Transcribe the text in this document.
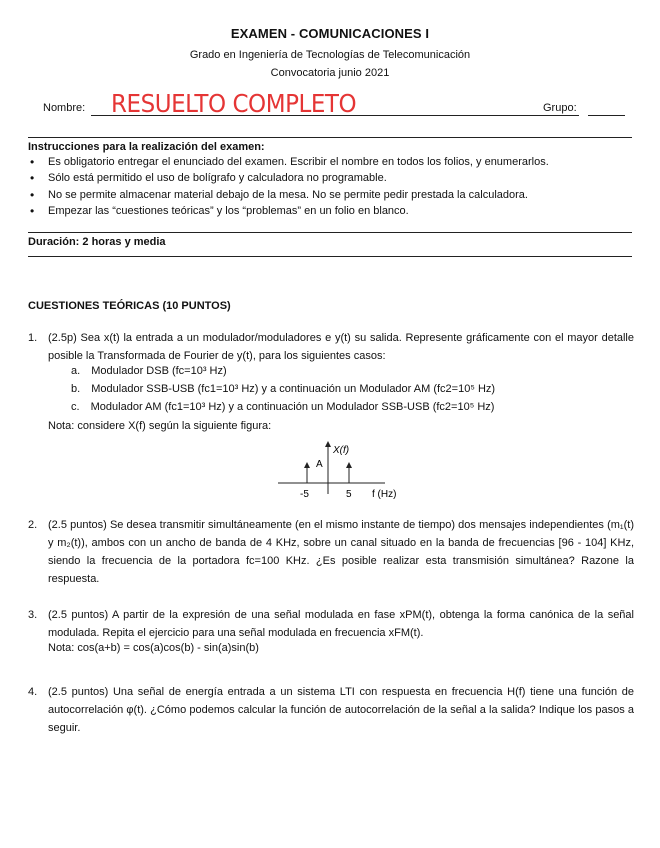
EXAMEN - COMUNICACIONES I
Grado en Ingeniería de Tecnologías de Telecomunicación
Convocatoria junio 2021
Nombre: RESUELTO COMPLETO	Grupo:
Instrucciones para la realización del examen:
• Es obligatorio entregar el enunciado del examen. Escribir el nombre en todos los folios, y enumerarlos.
• Sólo está permitido el uso de bolígrafo y calculadora no programable.
• No se permite almacenar material debajo de la mesa. No se permite pedir prestada la calculadora.
• Empezar las “cuestiones teóricas” y los “problemas” en un folio en blanco.
Duración: 2 horas y media
CUESTIONES TEÓRICAS (10 PUNTOS)
1. (2.5p) Sea x(t) la entrada a un modulador/moduladores e y(t) su salida. Represente gráficamente con el mayor detalle posible la Transformada de Fourier de y(t), para los siguientes casos:
a. Modulador DSB (fc=10³ Hz)
b. Modulador SSB-USB (fc1=10³ Hz) y a continuación un Modulador AM (fc2=10⁵ Hz)
c. Modulador AM (fc1=10³ Hz) y a continuación un Modulador SSB-USB (fc2=10⁵ Hz)
Nota: considere X(f) según la siguiente figura:
X(f)
A
-5	5 f (Hz)
2. (2.5 puntos) Se desea transmitir simultáneamente (en el mismo instante de tiempo) dos mensajes independientes (m₁(t) y m₂(t)), ambos con un ancho de banda de 4 KHz, sobre un canal situado en la banda de frecuencias [96 - 104] KHz, siendo la frecuencia de la portadora fc=100 KHz. ¿Es posible realizar esta transmisión simultánea? Razone la respuesta.
3. (2.5 puntos) A partir de la expresión de una señal modulada en fase xPM(t), obtenga la forma canónica de la señal modulada. Repita el ejercicio para una señal modulada en frecuencia xFM(t).
Nota: cos(a+b) = cos(a)cos(b) - sin(a)sin(b)
4. (2.5 puntos) Una señal de energía entrada a un sistema LTI con respuesta en frecuencia H(f) tiene una función de autocorrelación φ(t). ¿Cómo podemos calcular la función de autocorrelación de la señal a la salida? Indique los pasos a seguir.
